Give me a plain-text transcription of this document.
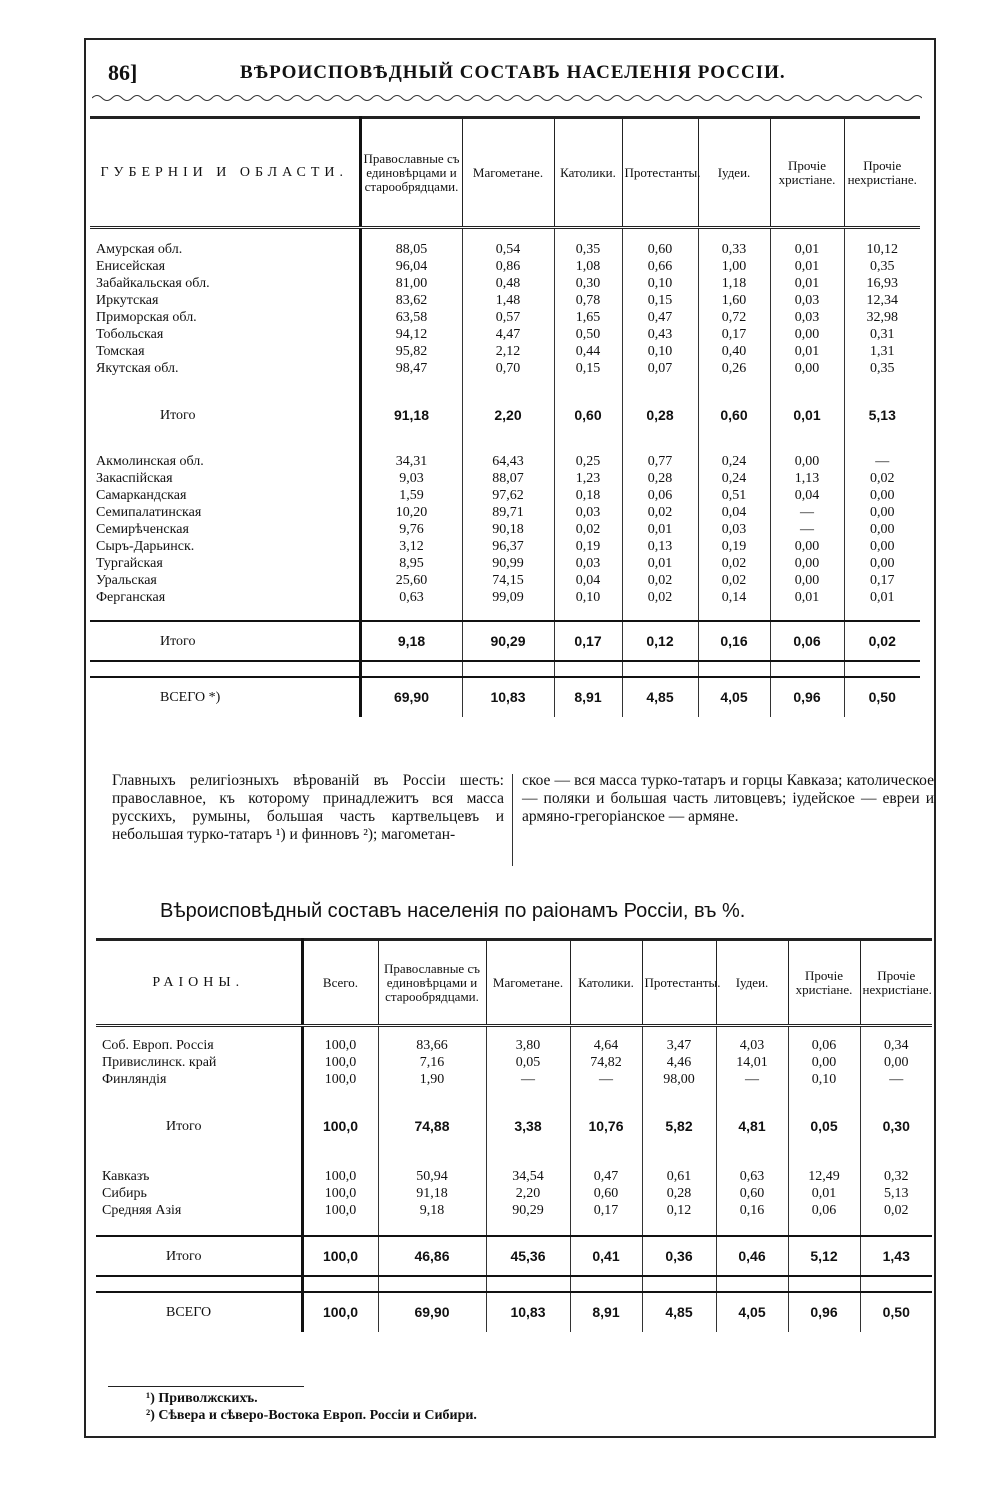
86]	ВѢРОИСПОВѢДНЫЙ СОСТАВЪ НАСЕЛЕНІЯ РОССІИ.
ГУБЕРНІИ И ОБЛАСТИ.	Православные съ единовѣрцами и старообрядцами.	Магометане.	Католики.	Протестанты.	Іудеи.	Прочіе христіане.	Прочіе нехристіане.

Амурская обл.	88,05	0,54	0,35	0,60	0,33	0,01	10,12
Енисейская	96,04	0,86	1,08	0,66	1,00	0,01	0,35
Забайкальская обл.	81,00	0,48	0,30	0,10	1,18	0,01	16,93
Иркутская	83,62	1,48	0,78	0,15	1,60	0,03	12,34
Приморская обл.	63,58	0,57	1,65	0,47	0,72	0,03	32,98
Тобольская	94,12	4,47	0,50	0,43	0,17	0,00	0,31
Томская	95,82	2,12	0,44	0,10	0,40	0,01	1,31
Якутская обл.	98,47	0,70	0,15	0,07	0,26	0,00	0,35

Итого	91,18	2,20	0,60	0,28	0,60	0,01	5,13

Акмолинская обл.	34,31	64,43	0,25	0,77	0,24	0,00	—
Закаспійская	9,03	88,07	1,23	0,28	0,24	1,13	0,02
Самаркандская	1,59	97,62	0,18	0,06	0,51	0,04	0,00
Семипалатинская	10,20	89,71	0,03	0,02	0,04	—	0,00
Семирѣченская	9,76	90,18	0,02	0,01	0,03	—	0,00
Сыръ-Дарьинск.	3,12	96,37	0,19	0,13	0,19	0,00	0,00
Тургайская	8,95	90,99	0,03	0,01	0,02	0,00	0,00
Уральская	25,60	74,15	0,04	0,02	0,02	0,00	0,17
Ферганская	0,63	99,09	0,10	0,02	0,14	0,01	0,01

Итого	9,18	90,29	0,17	0,12	0,16	0,06	0,02

ВСЕГО *)	69,90	10,83	8,91	4,85	4,05	0,96	0,50
Главныхъ религіозныхъ вѣрованій въ Россіи шесть: православное, къ которому принадлежитъ вся масса русскихъ, румыны, большая часть картвельцевъ и небольшая турко-татаръ ¹) и финновъ ²); магометан-
ское — вся масса турко-татаръ и горцы Кавказа; католическое — поляки и большая часть литовцевъ; іудейское — евреи и армяно-грегоріанское — армяне.
Вѣроисповѣдный составъ населенія по раіонамъ Россіи, въ %.
РАІОНЫ.	Всего.	Православные съ единовѣрцами и старообрядцами.	Магометане.	Католики.	Протестанты.	Іудеи.	Прочіе христіане.	Прочіе нехристіане.

Соб. Европ. Россія	100,0	83,66	3,80	4,64	3,47	4,03	0,06	0,34
Привислинск. край	100,0	7,16	0,05	74,82	4,46	14,01	0,00	0,00
Финляндія	100,0	1,90	—	—	98,00	—	0,10	—

Итого	100,0	74,88	3,38	10,76	5,82	4,81	0,05	0,30

Кавказъ	100,0	50,94	34,54	0,47	0,61	0,63	12,49	0,32
Сибирь	100,0	91,18	2,20	0,60	0,28	0,60	0,01	5,13
Средняя Азія	100,0	9,18	90,29	0,17	0,12	0,16	0,06	0,02

Итого	100,0	46,86	45,36	0,41	0,36	0,46	5,12	1,43

ВСЕГО	100,0	69,90	10,83	8,91	4,85	4,05	0,96	0,50
¹) Приволжскихъ.
²) Сѣвера и сѣверо-Востока Европ. Россіи и Сибири.
